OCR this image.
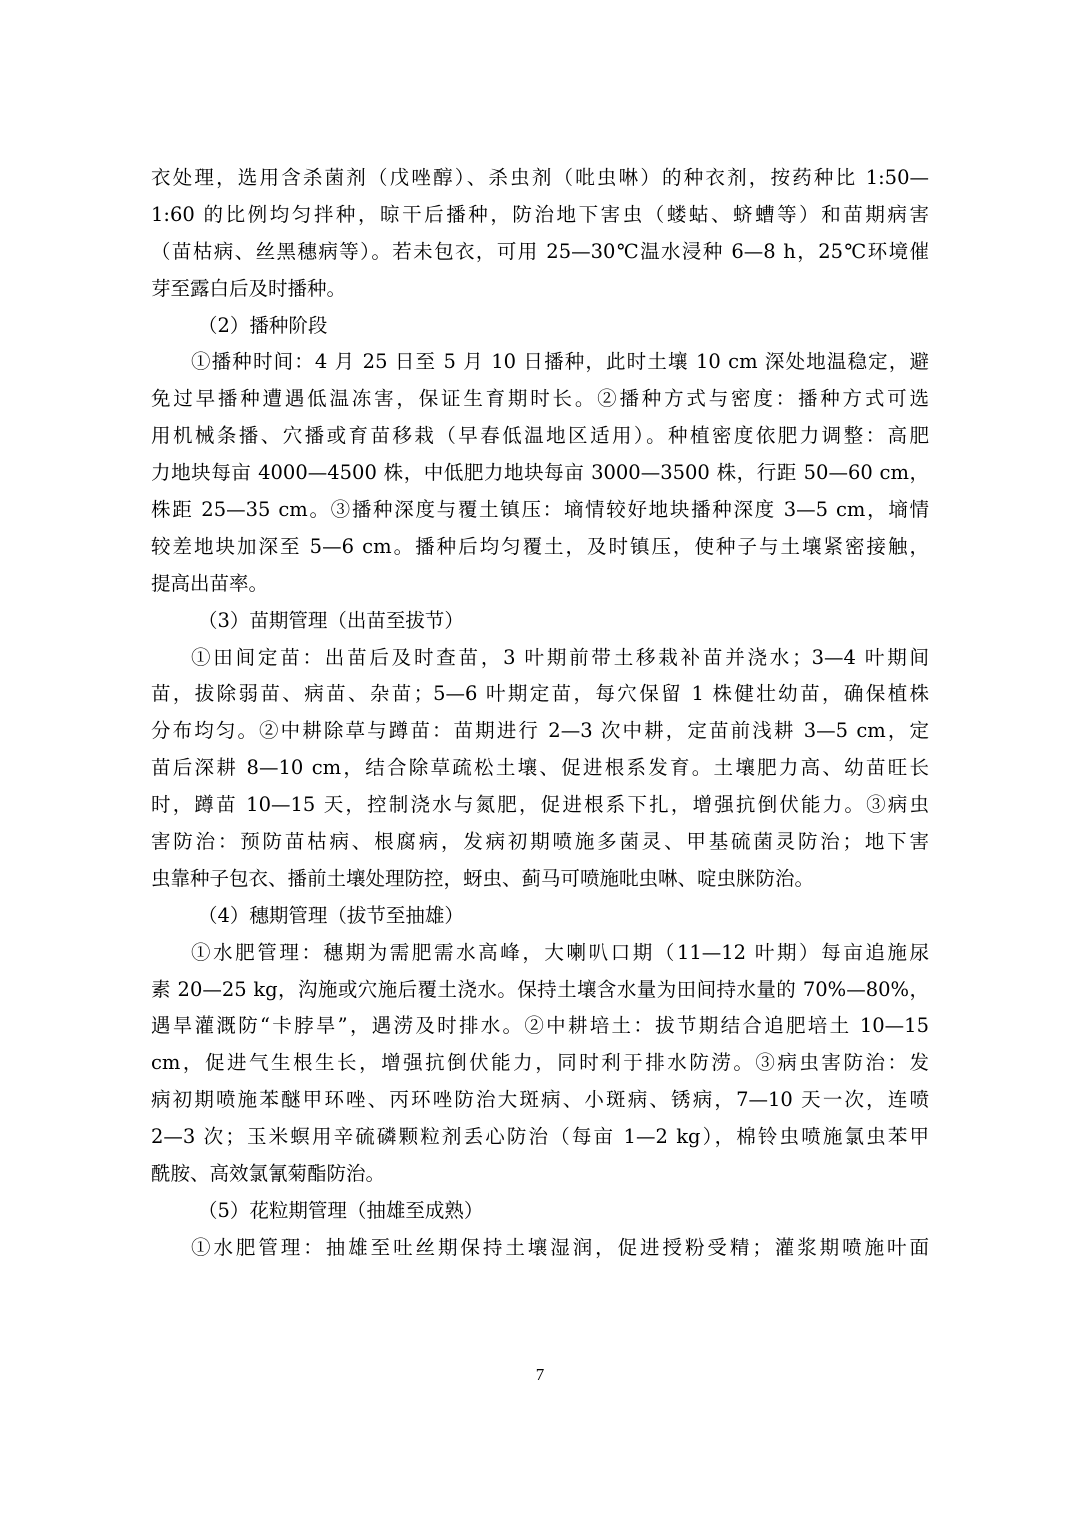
衣处理，选用含杀菌剂（戊唑醇）、杀虫剂（吡虫啉）的种衣剂，按药种比 1:50—
1:60 的比例均匀拌种，晾干后播种，防治地下害虫（蝼蛄、蛴螬等）和苗期病害
（苗枯病、丝黑穗病等）。若未包衣，可用 25—30℃温水浸种 6—8 h，25℃环境催
芽至露白后及时播种。
（2）播种阶段
①播种时间：4 月 25 日至 5 月 10 日播种，此时土壤 10 cm 深处地温稳定，避
免过早播种遭遇低温冻害，保证生育期时长。②播种方式与密度：播种方式可选
用机械条播、穴播或育苗移栽（早春低温地区适用）。种植密度依肥力调整：高肥
力地块每亩 4000—4500 株，中低肥力地块每亩 3000—3500 株，行距 50—60 cm，
株距 25—35 cm。③播种深度与覆土镇压：墒情较好地块播种深度 3—5 cm，墒情
较差地块加深至 5—6 cm。播种后均匀覆土，及时镇压，使种子与土壤紧密接触，
提高出苗率。
（3）苗期管理（出苗至拔节）
①田间定苗：出苗后及时查苗，3 叶期前带土移栽补苗并浇水；3—4 叶期间
苗，拔除弱苗、病苗、杂苗；5—6 叶期定苗，每穴保留 1 株健壮幼苗，确保植株
分布均匀。②中耕除草与蹲苗：苗期进行 2—3 次中耕，定苗前浅耕 3—5 cm，定
苗后深耕 8—10 cm，结合除草疏松土壤、促进根系发育。土壤肥力高、幼苗旺长
时，蹲苗 10—15 天，控制浇水与氮肥，促进根系下扎，增强抗倒伏能力。③病虫
害防治：预防苗枯病、根腐病，发病初期喷施多菌灵、甲基硫菌灵防治；地下害
虫靠种子包衣、播前土壤处理防控，蚜虫、蓟马可喷施吡虫啉、啶虫脒防治。
（4）穗期管理（拔节至抽雄）
①水肥管理：穗期为需肥需水高峰，大喇叭口期（11—12 叶期）每亩追施尿
素 20—25 kg，沟施或穴施后覆土浇水。保持土壤含水量为田间持水量的 70%—80%，
遇旱灌溉防“卡脖旱”，遇涝及时排水。②中耕培土：拔节期结合追肥培土 10—15
cm，促进气生根生长，增强抗倒伏能力，同时利于排水防涝。③病虫害防治：发
病初期喷施苯醚甲环唑、丙环唑防治大斑病、小斑病、锈病，7—10 天一次，连喷
2—3 次；玉米螟用辛硫磷颗粒剂丢心防治（每亩 1—2 kg），棉铃虫喷施氯虫苯甲
酰胺、高效氯氰菊酯防治。
（5）花粒期管理（抽雄至成熟）
①水肥管理：抽雄至吐丝期保持土壤湿润，促进授粉受精；灌浆期喷施叶面
7
